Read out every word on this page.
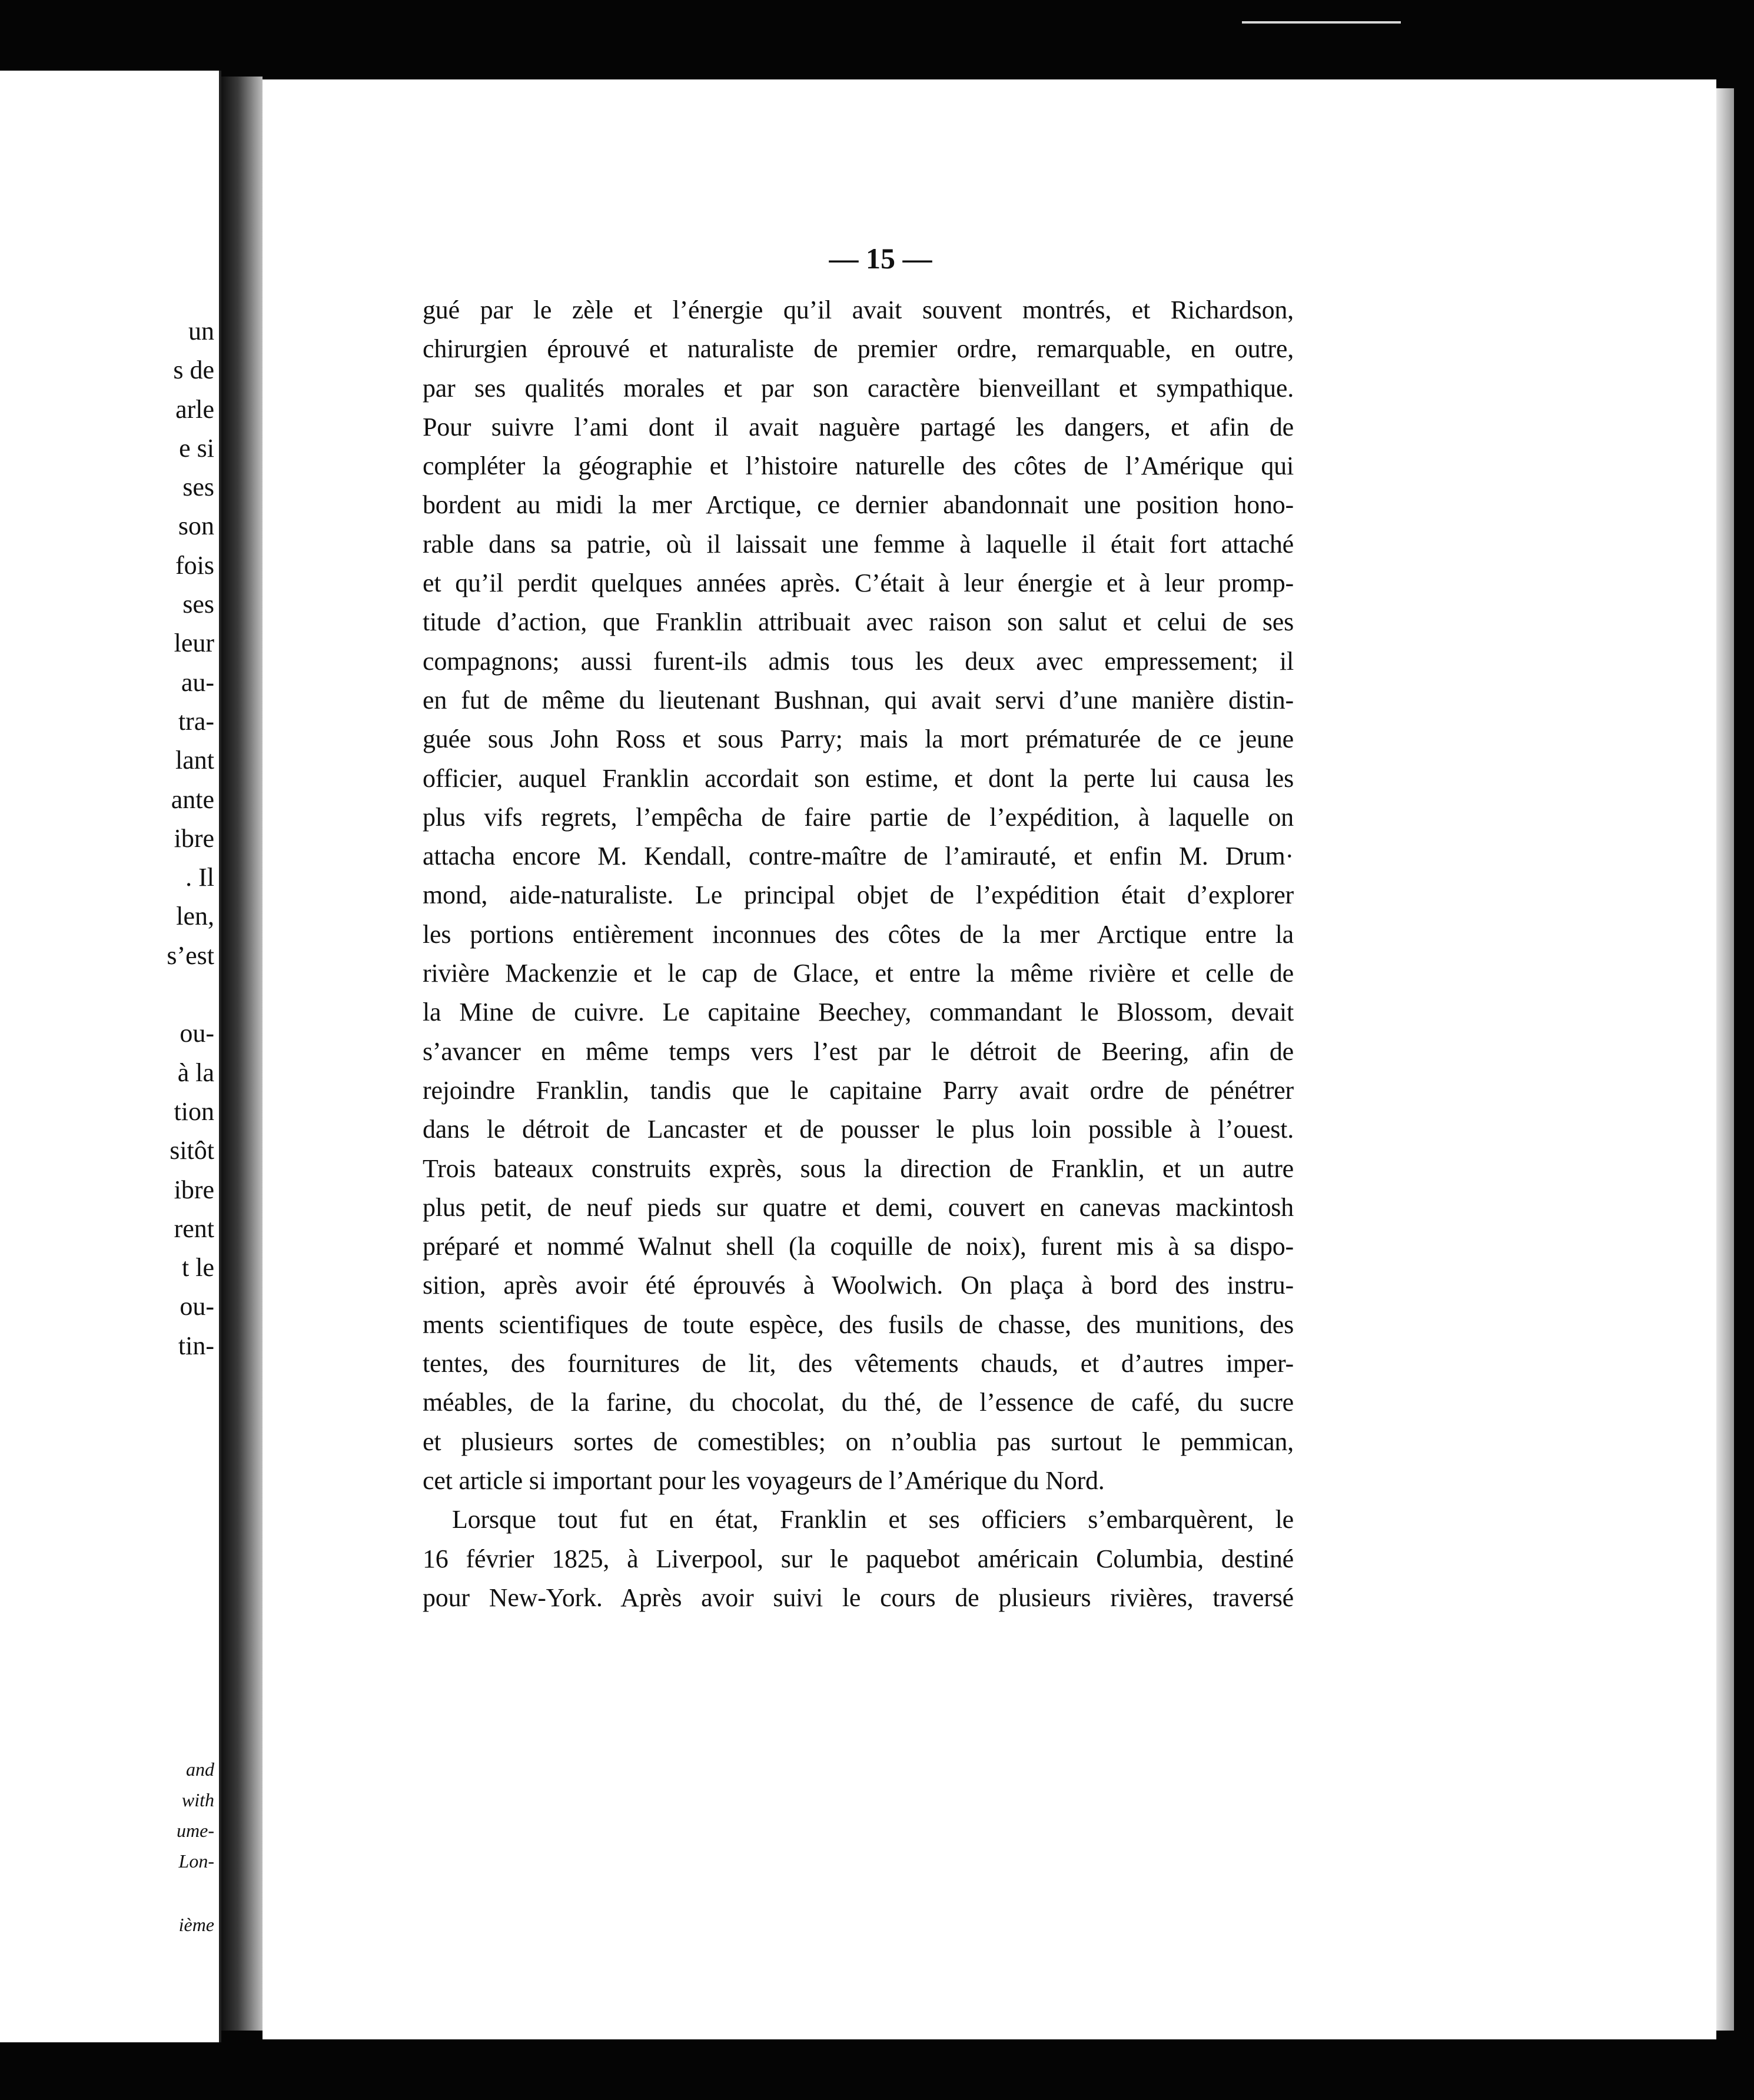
un
s de
arle
e si
ses
son
fois
ses
leur
au-
tra-
lant
ante
ibre
. Il
len,
s’est

ou-
à la
tion
sitôt
ibre
rent
t le
ou-
tin-
and
with
ume-
Lon-
ième
— 15 —
gué par le zèle et l’énergie qu’il avait souvent montrés, et Richardson,
chirurgien éprouvé et naturaliste de premier ordre, remarquable, en outre,
par ses qualités morales et par son caractère bienveillant et sympathique.
Pour suivre l’ami dont il avait naguère partagé les dangers, et afin de
compléter la géographie et l’histoire naturelle des côtes de l’Amérique qui
bordent au midi la mer Arctique, ce dernier abandonnait une position hono-
rable dans sa patrie, où il laissait une femme à laquelle il était fort attaché
et qu’il perdit quelques années après. C’était à leur énergie et à leur promp-
titude d’action, que Franklin attribuait avec raison son salut et celui de ses
compagnons; aussi furent-ils admis tous les deux avec empressement; il
en fut de même du lieutenant Bushnan, qui avait servi d’une manière distin-
guée sous John Ross et sous Parry; mais la mort prématurée de ce jeune
officier, auquel Franklin accordait son estime, et dont la perte lui causa les
plus vifs regrets, l’empêcha de faire partie de l’expédition, à laquelle on
attacha encore M. Kendall, contre-maître de l’amirauté, et enfin M. Drum·
mond, aide-naturaliste. Le principal objet de l’expédition était d’explorer
les portions entièrement inconnues des côtes de la mer Arctique entre la
rivière Mackenzie et le cap de Glace, et entre la même rivière et celle de
la Mine de cuivre. Le capitaine Beechey, commandant le Blossom, devait
s’avancer en même temps vers l’est par le détroit de Beering, afin de
rejoindre Franklin, tandis que le capitaine Parry avait ordre de pénétrer
dans le détroit de Lancaster et de pousser le plus loin possible à l’ouest.
Trois bateaux construits exprès, sous la direction de Franklin, et un autre
plus petit, de neuf pieds sur quatre et demi, couvert en canevas mackintosh
préparé et nommé Walnut shell (la coquille de noix), furent mis à sa dispo-
sition, après avoir été éprouvés à Woolwich. On plaça à bord des instru-
ments scientifiques de toute espèce, des fusils de chasse, des munitions, des
tentes, des fournitures de lit, des vêtements chauds, et d’autres imper-
méables, de la farine, du chocolat, du thé, de l’essence de café, du sucre
et plusieurs sortes de comestibles; on n’oublia pas surtout le pemmican,
cet article si important pour les voyageurs de l’Amérique du Nord.
Lorsque tout fut en état, Franklin et ses officiers s’embarquèrent, le
16 février 1825, à Liverpool, sur le paquebot américain Columbia, destiné
pour New-York. Après avoir suivi le cours de plusieurs rivières, traversé
